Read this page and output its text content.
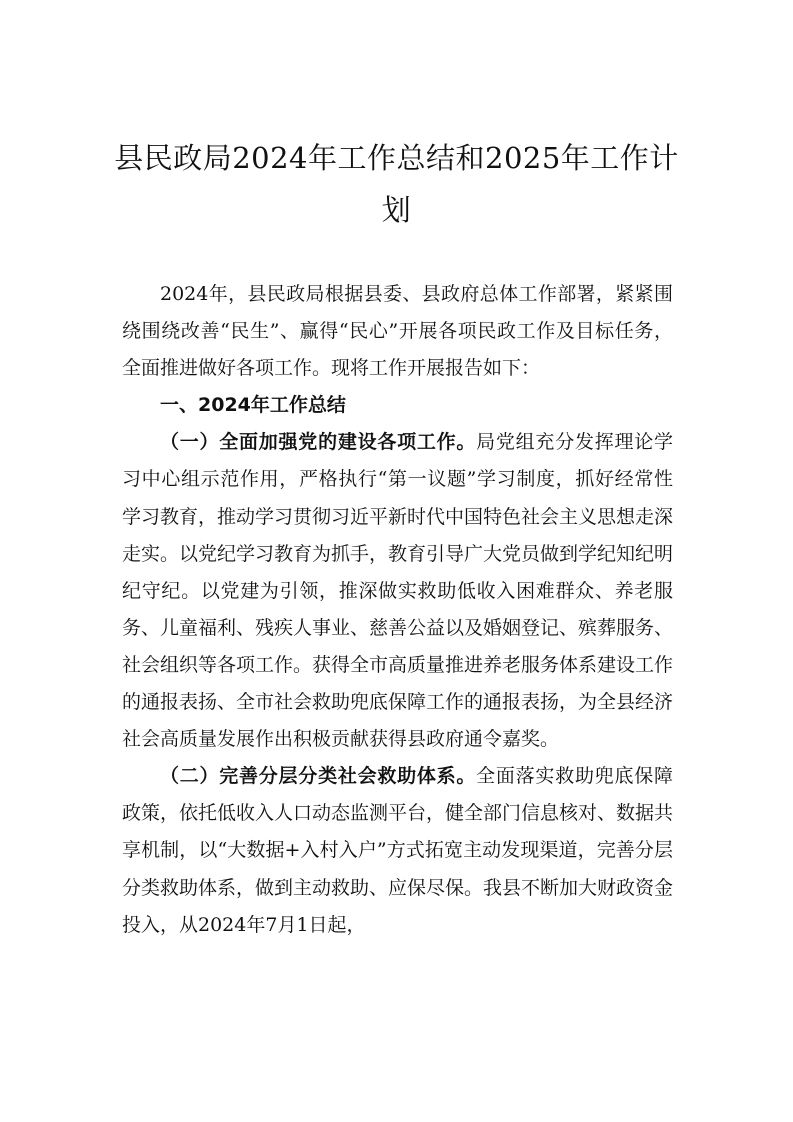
县民政局2024年工作总结和2025年工作计划

2024年，县民政局根据县委、县政府总体工作部署，紧紧围绕围绕改善“民生”、赢得“民心”开展各项民政工作及目标任务，全面推进做好各项工作。现将工作开展报告如下：

一、2024年工作总结

（一）全面加强党的建设各项工作。局党组充分发挥理论学习中心组示范作用，严格执行“第一议题”学习制度，抓好经常性学习教育，推动学习贯彻习近平新时代中国特色社会主义思想走深走实。以党纪学习教育为抓手，教育引导广大党员做到学纪知纪明纪守纪。以党建为引领，推深做实救助低收入困难群众、养老服务、儿童福利、残疾人事业、慈善公益以及婚姻登记、殡葬服务、社会组织等各项工作。获得全市高质量推进养老服务体系建设工作的通报表扬、全市社会救助兜底保障工作的通报表扬，为全县经济社会高质量发展作出积极贡献获得县政府通令嘉奖。

（二）完善分层分类社会救助体系。全面落实救助兜底保障政策，依托低收入人口动态监测平台，健全部门信息核对、数据共享机制，以“大数据+入村入户”方式拓宽主动发现渠道，完善分层分类救助体系，做到主动救助、应保尽保。我县不断加大财政资金投入，从2024年7月1日起，
